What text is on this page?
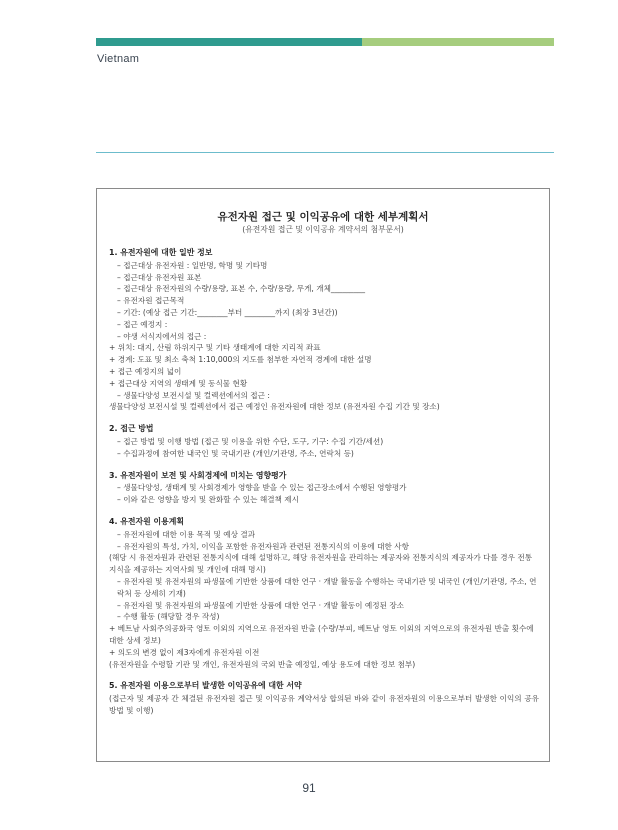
Vietnam
유전자원 접근 및 이익공유에 대한 세부계획서
(유전자원 접근 및 이익공유 계약서의 첨부문서)
1. 유전자원에 대한 일반 정보
– 접근대상 유전자원 : 일반명, 학명 및 기타명
– 접근대상 유전자원 표본
– 접근대상 유전자원의 수량/용량, 표본 수, 수량/용량, 무게, 개체_________
– 유전자원 접근목적
– 기간: (예상 접근 기간:________부터 ________까지 (최장 3년간))
– 접근 예정지 :
– 야생 서식지에서의 접근 :
+ 위치: 대지, 산림 하위지구 및 기타 생태계에 대한 지리적 좌표
+ 경계: 도표 및 최소 축척 1:10,000의 지도를 첨부한 자연적 경계에 대한 설명
+ 접근 예정지의 넓이
+ 접근대상 지역의 생태계 및 동식물 현황
– 생물다양성 보전시설 및 컬렉션에서의 접근 :
생물다양성 보전시설 및 컬렉션에서 접근 예정인 유전자원에 대한 정보 (유전자원 수집 기간 및 장소)
2. 접근 방법
– 접근 방법 및 이행 방법 (접근 및 이용을 위한 수단, 도구, 기구: 수집 기간/세션)
– 수집과정에 참여한 내국인 및 국내기관 (개인/기관명, 주소, 연락처 등)
3. 유전자원이 보전 및 사회경제에 미치는 영향평가
– 생물다양성, 생태계 및 사회경제가 영향을 받을 수 있는 접근장소에서 수행된 영향평가
– 이와 같은 영향을 방지 및 완화할 수 있는 해결책 제시
4. 유전자원 이용계획
– 유전자원에 대한 이용 목적 및 예상 결과
– 유전자원의 특성, 가치, 이익을 포함한 유전자원과 관련된 전통지식의 이용에 대한 사항
(해당 시 유전자원과 관련된 전통지식에 대해 설명하고, 해당 유전자원을 관리하는 제공자와 전통지식의 제공자가 다를 경우 전통지식을 제공하는 지역사회 및 개인에 대해 명시)
– 유전자원 및 유전자원의 파생물에 기반한 상품에 대한 연구 · 개발 활동을 수행하는 국내기관 및 내국인 (개인/기관명, 주소, 연락처 등 상세히 기재)
– 유전자원 및 유전자원의 파생물에 기반한 상품에 대한 연구 · 개발 활동이 예정된 장소
– 수행 활동 (해당할 경우 작성)
+ 베트남 사회주의공화국 영토 이외의 지역으로 유전자원 반출 (수량/부피, 베트남 영토 이외의 지역으로의 유전자원 반출 횟수에 대한 상세 정보)
+ 의도의 변경 없이 제3자에게 유전자원 이전
(유전자원을 수령할 기관 및 개인, 유전자원의 국외 반출 예정일, 예상 용도에 대한 정보 첨부)
5. 유전자원 이용으로부터 발생한 이익공유에 대한 서약
(접근자 및 제공자 간 체결된 유전자원 접근 및 이익공유 계약서상 합의된 바와 같이 유전자원의 이용으로부터 발생한 이익의 공유 방법 및 이행)
91
